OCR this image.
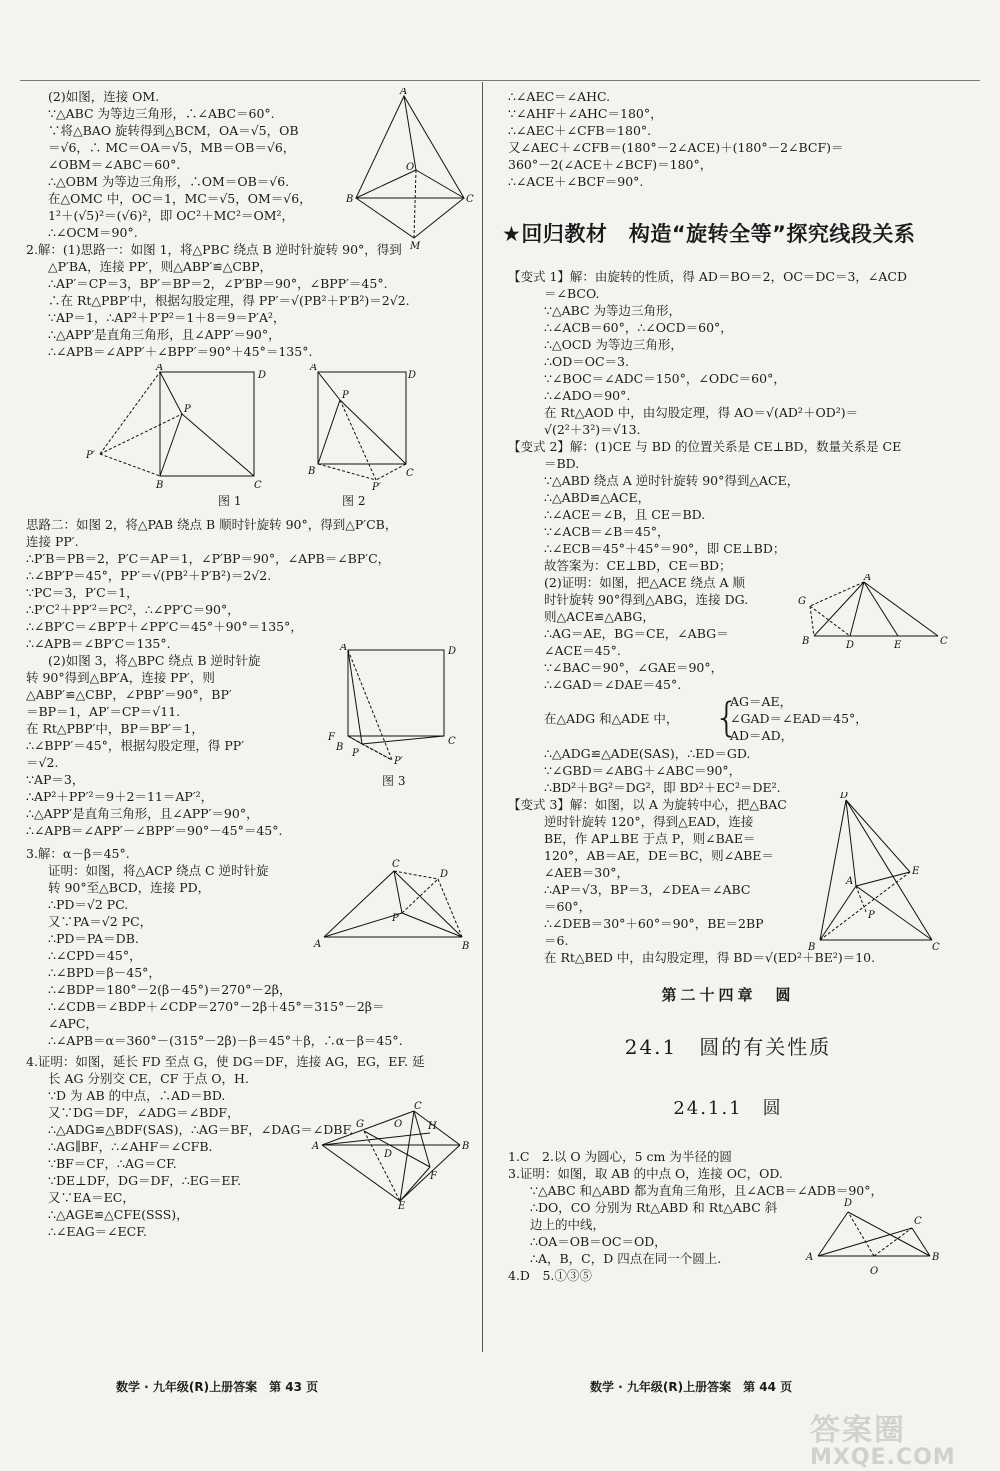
(2)如图，连接 OM.
∵△ABC 为等边三角形，∴∠ABC＝60°.
∵将△BAO 旋转得到△BCM，OA＝√5，OB
＝√6，∴ MC＝OA＝√5，MB＝OB＝√6，
∠OBM＝∠ABC＝60°.
∴△OBM 为等边三角形，∴OM＝OB＝√6.
在△OMC 中，OC＝1，MC＝√5，OM＝√6，
1²＋(√5)²＝(√6)²，即 OC²＋MC²＝OM²，
∴∠OCM＝90°.
A
B	C
O
M
2.解：(1)思路一：如图 1，将△PBC 绕点 B 逆时针旋转 90°，得到
△P′BA，连接 PP′，则△ABP′≌△CBP，
∴AP′＝CP＝3，BP′＝BP＝2，∠P′BP＝90°，∠BPP′＝45°.
∴在 Rt△PBP′中，根据勾股定理，得 PP′＝√(PB²＋P′B²)＝2√2.
∵AP＝1，∴AP²＋P′P²＝1＋8＝9＝P′A²，
∴△APP′是直角三角形，且∠APP′＝90°，
∴∠APB＝∠APP′＋∠BPP′＝90°＋45°＝135°.
A
D
P
P′
B	C
图 1
A
D
P
B	C
P′
图 2
思路二：如图 2，将△PAB 绕点 B 顺时针旋转 90°，得到△P′CB，
连接 PP′.
∴P′B＝PB＝2，P′C＝AP＝1，∠P′BP＝90°，∠APB＝∠BP′C，
∴∠BP′P＝45°，PP′＝√(PB²＋P′B²)＝2√2.
∵PC＝3，P′C＝1，
∴P′C²＋PP′²＝PC²，∴∠PP′C＝90°，
∴∠BP′C＝∠BP′P＋∠PP′C＝45°＋90°＝135°，
∴∠APB＝∠BP′C＝135°.
(2)如图 3，将△BPC 绕点 B 逆时针旋
转 90°得到△BP′A，连接 PP′，则
△ABP′≌△CBP，∠PBP′＝90°，BP′
＝BP＝1，AP′＝CP＝√11.
在 Rt△PBP′中，BP＝BP′＝1，
∴∠BPP′＝45°，根据勾股定理，得 PP′
＝√2.
∵AP＝3，
∴AP²＋PP′²＝9＋2＝11＝AP′²，
∴△APP′是直角三角形，且∠APP′＝90°，
∴∠APB＝∠APP′－∠BPP′＝90°－45°＝45°.
A	D
F
P
B
C
P′
图 3
3.解：α－β＝45°.
证明：如图，将△ACP 绕点 C 逆时针旋
转 90°至△BCD，连接 PD，
∴PD＝√2 PC.
又∵PA＝√2 PC，
∴PD＝PA＝DB.
∴∠CPD＝45°，
∴∠BPD＝β－45°，
∴∠BDP＝180°－2(β－45°)＝270°－2β，
∴∠CDB＝∠BDP＋∠CDP＝270°－2β＋45°＝315°－2β＝
∠APC，
∴∠APB＝α＝360°－(315°－2β)－β＝45°＋β，∴α－β＝45°.
C
D
P
A	B
4.证明：如图，延长 FD 至点 G，使 DG＝DF，连接 AG，EG，EF. 延
长 AG 分别交 CE，CF 于点 O，H.
∵D 为 AB 的中点，∴AD＝BD.
又∵DG＝DF，∠ADG＝∠BDF，
∴△ADG≌△BDF(SAS)，∴AG＝BF，∠DAG＝∠DBF.
∴AG∥BF，∴∠AHF＝∠CFB.
∵BF＝CF，∴AG＝CF.
∵DE⊥DF，DG＝DF，∴EG＝EF.
又∵EA＝EC，
∴△AGE≌△CFE(SSS)，
∴∠EAG＝∠ECF.
C
A
G	O	H
D
F
B
E
∴∠AEC＝∠AHC.
∵∠AHF＋∠AHC＝180°，
∴∠AEC＋∠CFB＝180°.
又∠AEC＋∠CFB＝(180°－2∠ACE)＋(180°－2∠BCF)＝
360°－2(∠ACE＋∠BCF)＝180°，
∴∠ACE＋∠BCF＝90°.
★回归教材　构造“旋转全等”探究线段关系
【变式 1】解：由旋转的性质，得 AD＝BO＝2，OC＝DC＝3，∠ACD
＝∠BCO.
∵△ABC 为等边三角形，
∴∠ACB＝60°，∴∠OCD＝60°，
∴△OCD 为等边三角形，
∴OD＝OC＝3.
∵∠BOC＝∠ADC＝150°，∠ODC＝60°，
∴∠ADO＝90°.
在 Rt△AOD 中，由勾股定理，得 AO＝√(AD²＋OD²)＝
√(2²＋3²)＝√13.
【变式 2】解：(1)CE 与 BD 的位置关系是 CE⊥BD，数量关系是 CE
＝BD.
∵△ABD 绕点 A 逆时针旋转 90°得到△ACE，
∴△ABD≌△ACE，
∴∠ACE＝∠B，且 CE＝BD.
∵∠ACB＝∠B＝45°，
∴∠ECB＝45°＋45°＝90°，即 CE⊥BD；
故答案为：CE⊥BD，CE＝BD；
(2)证明：如图，把△ACE 绕点 A 顺
时针旋转 90°得到△ABG，连接 DG.
则△ACE≌△ABG，
∴AG＝AE，BG＝CE，∠ABG＝
∠ACE＝45°.
∵∠BAC＝90°，∠GAE＝90°，
∴∠GAD＝∠DAE＝45°.
在△ADG 和△ADE 中， {
AG＝AE，
∠GAD＝∠EAD＝45°，
AD＝AD，
∴△ADG≌△ADE(SAS)，∴ED＝GD.
∵∠GBD＝∠ABG＋∠ABC＝90°，
∴BD²＋BG²＝DG²，即 BD²＋EC²＝DE².
A
G
B	D	E	C
【变式 3】解：如图，以 A 为旋转中心，把△BAC
逆时针旋转 120°，得到△EAD，连接
BE，作 AP⊥BE 于点 P，则∠BAE＝
120°，AB＝AE，DE＝BC，则∠ABE＝
∠AEB＝30°，
∴AP＝√3，BP＝3，∠DEA＝∠ABC
＝60°，
∴∠DEB＝30°＋60°＝90°，BE＝2BP
＝6.
在 Rt△BED 中，由勾股定理，得 BD＝√(ED²＋BE²)＝10.
D
A
E
P
B	C
第二十四章　圆
24.1　圆的有关性质
24.1.1　圆
1.C　2.以 O 为圆心，5 cm 为半径的圆
3.证明：如图，取 AB 的中点 O，连接 OC，OD.
∵△ABC 和△ABD 都为直角三角形，且∠ACB＝∠ADB＝90°，
∴DO，CO 分别为 Rt△ABD 和 Rt△ABC 斜
边上的中线，
∴OA＝OB＝OC＝OD，
∴A，B，C，D 四点在同一个圆上.
4.D　5.①③⑤
D
C
A	B
O
数学 · 九年级(R)上册答案　第 43 页	数学 · 九年级(R)上册答案　第 44 页
答案圈
MXQE.COM
